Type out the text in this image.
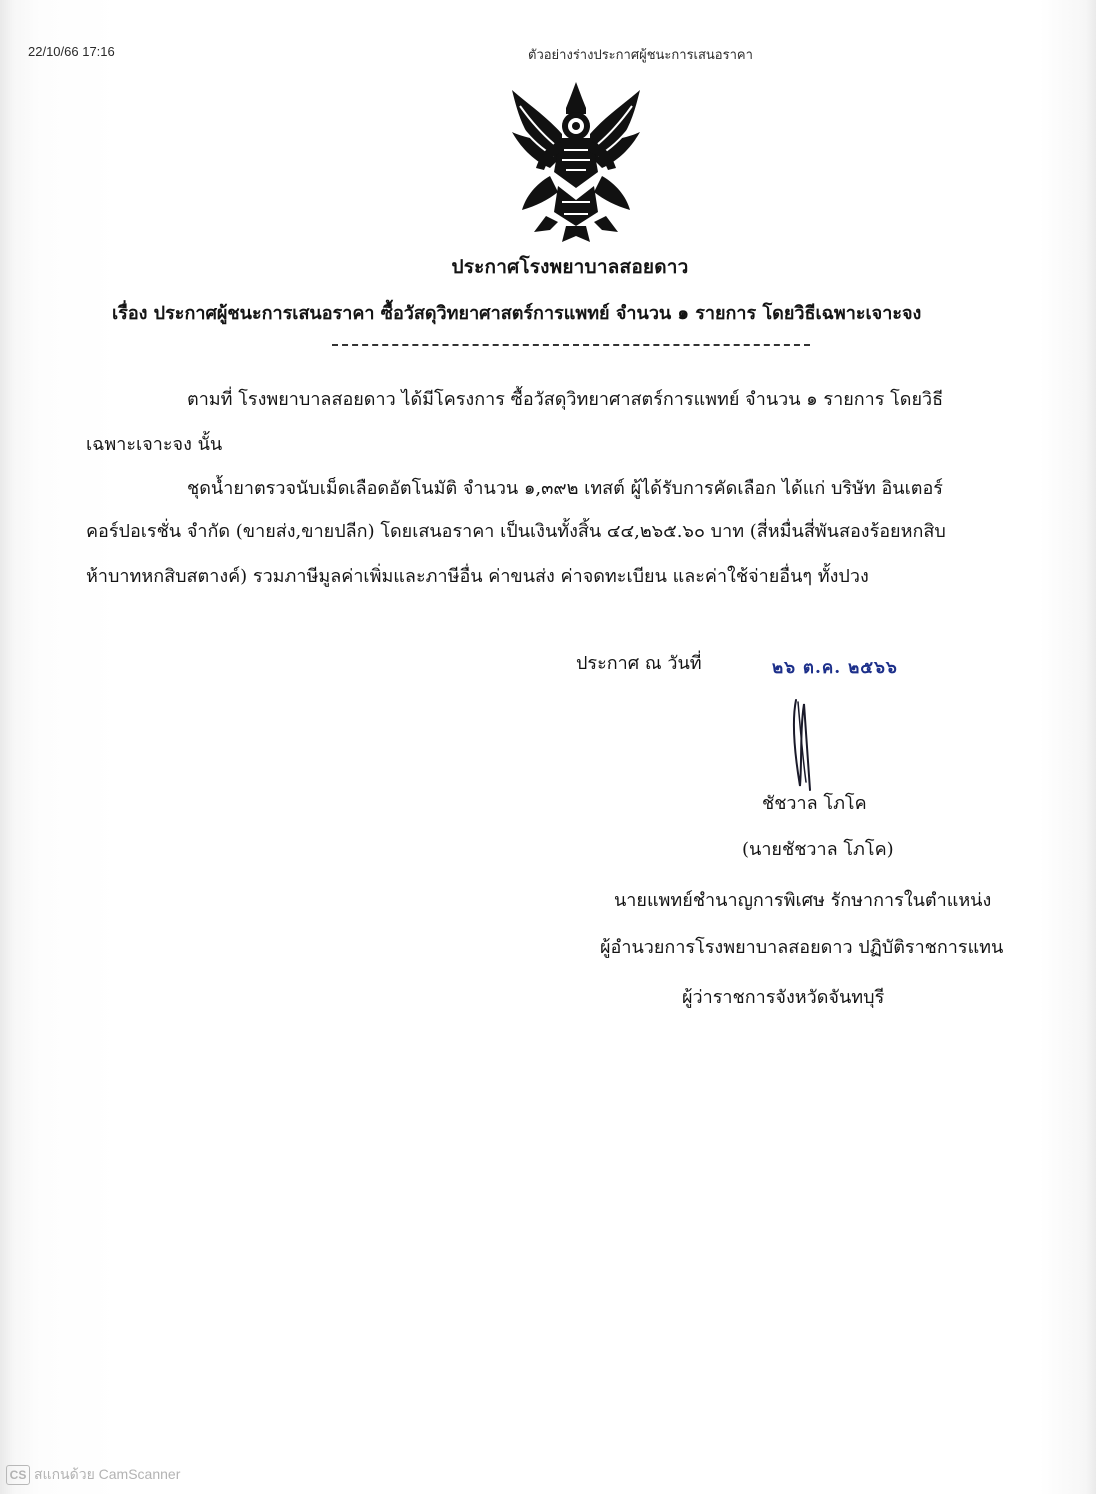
22/10/66 17:16	ตัวอย่างร่างประกาศผู้ชนะการเสนอราคา
ประกาศโรงพยาบาลสอยดาว
เรื่อง ประกาศผู้ชนะการเสนอราคา ซื้อวัสดุวิทยาศาสตร์การแพทย์ จำนวน ๑ รายการ โดยวิธีเฉพาะเจาะจง
ตามที่ โรงพยาบาลสอยดาว ได้มีโครงการ ซื้อวัสดุวิทยาศาสตร์การแพทย์ จำนวน ๑ รายการ โดยวิธี
เฉพาะเจาะจง นั้น
ชุดน้ำยาตรวจนับเม็ดเลือดอัตโนมัติ จำนวน ๑,๓๙๒ เทสต์ ผู้ได้รับการคัดเลือก ได้แก่ บริษัท อินเตอร์
คอร์ปอเรชั่น จำกัด (ขายส่ง,ขายปลีก) โดยเสนอราคา เป็นเงินทั้งสิ้น ๔๔,๒๖๕.๖๐ บาท (สี่หมื่นสี่พันสองร้อยหกสิบ
ห้าบาทหกสิบสตางค์) รวมภาษีมูลค่าเพิ่มและภาษีอื่น ค่าขนส่ง ค่าจดทะเบียน และค่าใช้จ่ายอื่นๆ ทั้งปวง
ประกาศ ณ วันที่	๒๖ ต.ค. ๒๕๖๖
ชัชวาล โภโค
(นายชัชวาล โภโค)
นายแพทย์ชำนาญการพิเศษ รักษาการในตำแหน่ง
ผู้อำนวยการโรงพยาบาลสอยดาว ปฏิบัติราชการแทน
ผู้ว่าราชการจังหวัดจันทบุรี
CS สแกนด้วย CamScanner
